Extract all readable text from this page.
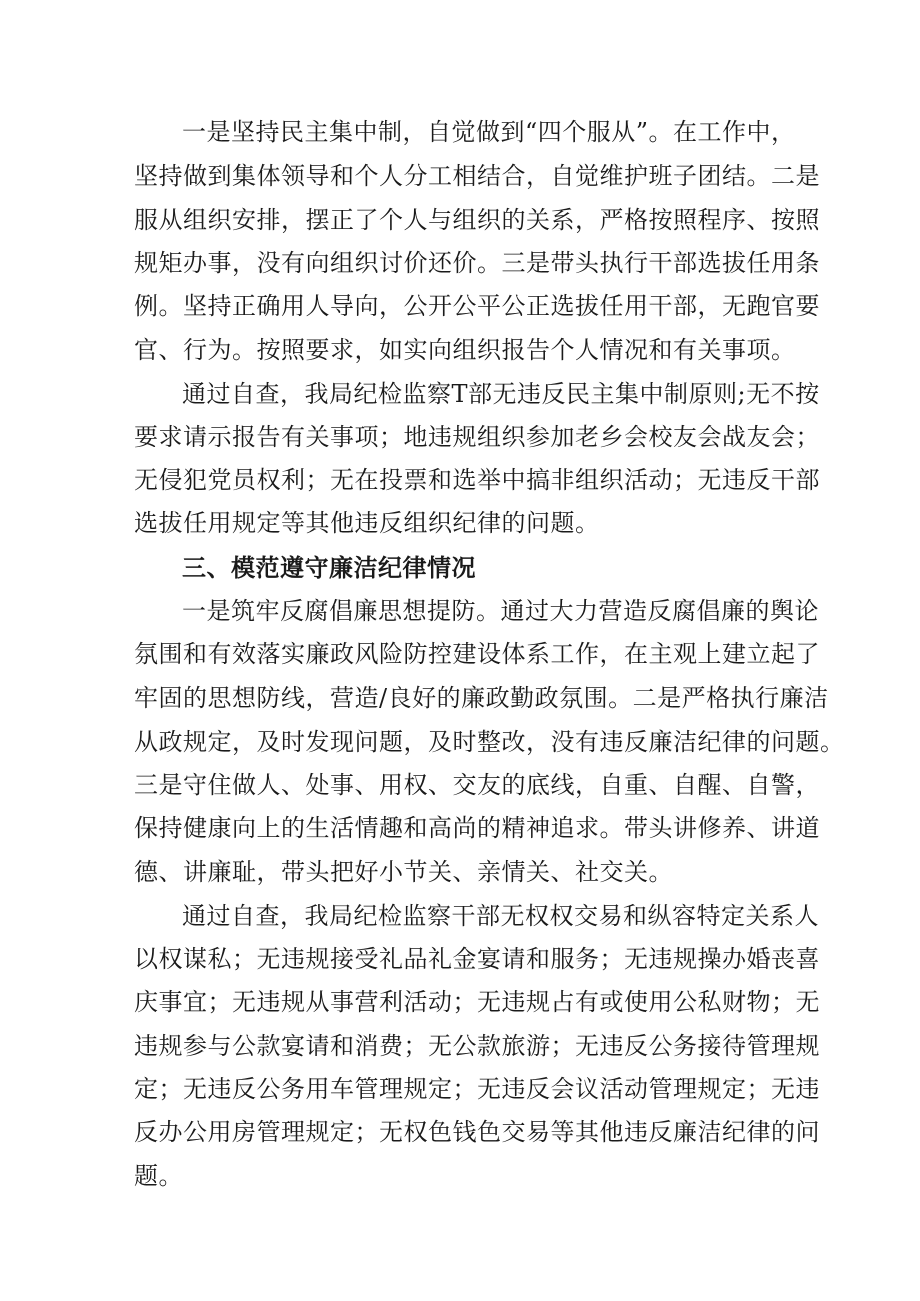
一是坚持民主集中制，自觉做到“四个服从”。在工作中，
坚持做到集体领导和个人分工相结合，自觉维护班子团结。二是
服从组织安排，摆正了个人与组织的关系，严格按照程序、按照
规矩办事，没有向组织讨价还价。三是带头执行干部选拔任用条
例。坚持正确用人导向，公开公平公正选拔任用干部，无跑官要
官、行为。按照要求，如实向组织报告个人情况和有关事项。
通过自查，我局纪检监察T部无违反民主集中制原则;无不按
要求请示报告有关事项；地违规组织参加老乡会校友会战友会；
无侵犯党员权利；无在投票和选举中搞非组织活动；无违反干部
选拔任用规定等其他违反组织纪律的问题。
三、模范遵守廉洁纪律情况
一是筑牢反腐倡廉思想提防。通过大力营造反腐倡廉的舆论
氛围和有效落实廉政风险防控建设体系工作，在主观上建立起了
牢固的思想防线，营造/良好的廉政勤政氛围。二是严格执行廉洁
从政规定，及时发现问题，及时整改，没有违反廉洁纪律的问题。
三是守住做人、处事、用权、交友的底线，自重、自醒、自警，
保持健康向上的生活情趣和高尚的精神追求。带头讲修养、讲道
德、讲廉耻，带头把好小节关、亲情关、社交关。
通过自查，我局纪检监察干部无权权交易和纵容特定关系人
以权谋私；无违规接受礼品礼金宴请和服务；无违规操办婚丧喜
庆事宜；无违规从事营利活动；无违规占有或使用公私财物；无
违规参与公款宴请和消费；无公款旅游；无违反公务接待管理规
定；无违反公务用车管理规定；无违反会议活动管理规定；无违
反办公用房管理规定；无权色钱色交易等其他违反廉洁纪律的问
题。
